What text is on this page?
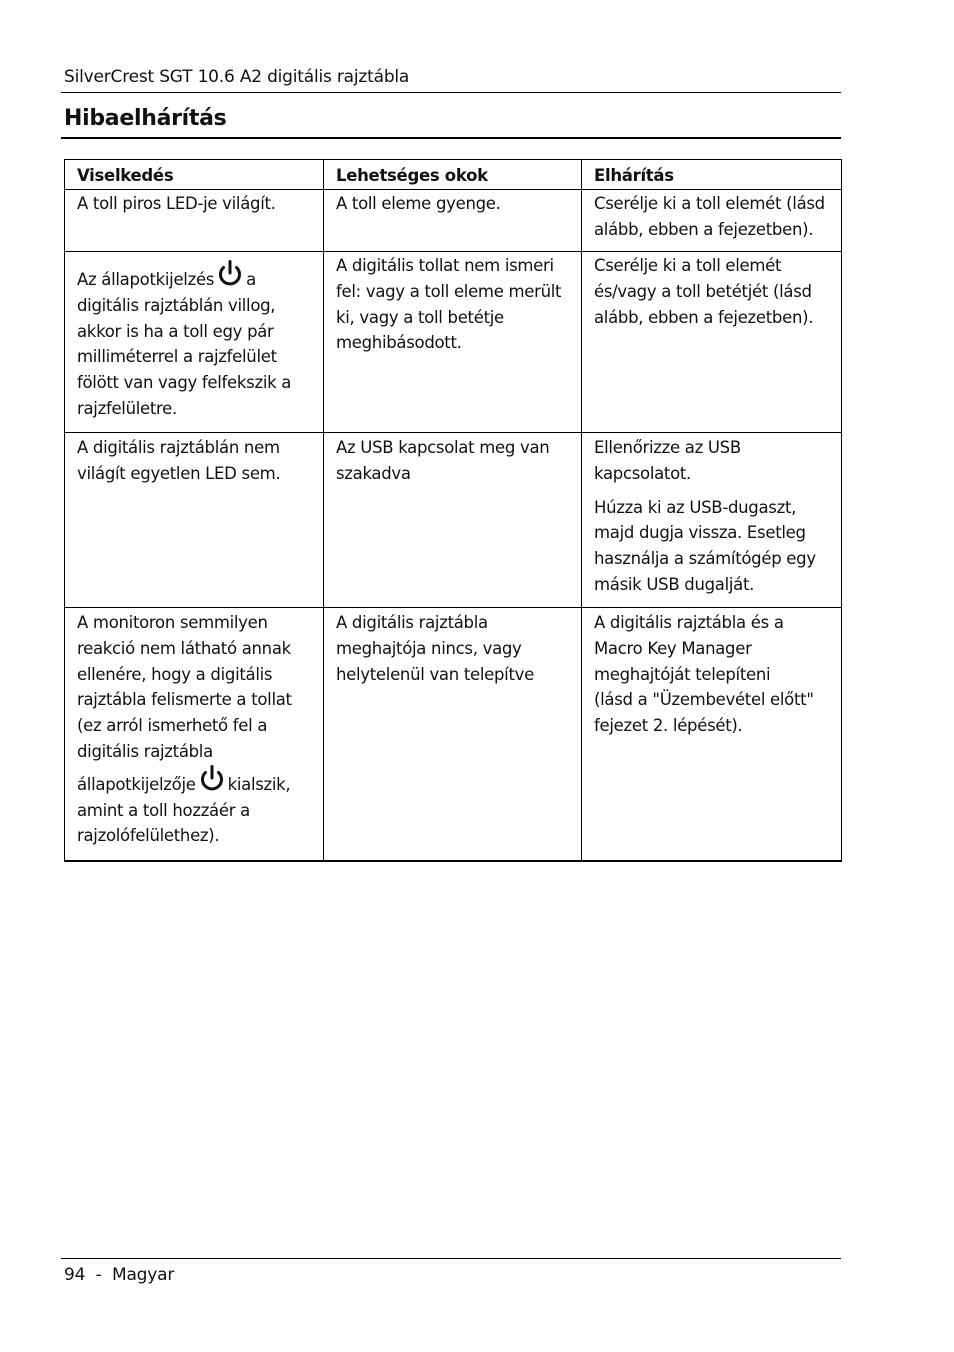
SilverCrest SGT 10.6 A2 digitális rajztábla
Hibaelhárítás
Viselkedés	Lehetséges okok	Elhárítás
A toll piros LED-je világít.	A toll eleme gyenge.	Cserélje ki a toll elemét (lásd alább, ebben a fejezetben).
Az állapotkijelzés a digitális rajztáblán villog, akkor is ha a toll egy pár milliméterrel a rajzfelület fölött van vagy felfekszik a rajzfelületre.	A digitális tollat nem ismeri fel: vagy a toll eleme merült ki, vagy a toll betétje meghibásodott.	Cserélje ki a toll elemét és/vagy a toll betétjét (lásd alább, ebben a fejezetben).
A digitális rajztáblán nem világít egyetlen LED sem.	Az USB kapcsolat meg van szakadva	Ellenőrizze az USB kapcsolatot.
Húzza ki az USB-dugaszt, majd dugja vissza. Esetleg használja a számítógép egy másik USB dugalját.

A monitoron semmilyen reakció nem látható annak ellenére, hogy a digitális rajztábla felismerte a tollat (ez arról ismerhető fel a digitális rajztábla állapotkijelzője kialszik, amint a toll hozzáér a rajzolófelülethez).	A digitális rajztábla meghajtója nincs, vagy helytelenül van telepítve	A digitális rajztábla és a Macro Key Manager meghajtóját telepíteni
(lásd a "Üzembevétel előtt" fejezet 2. lépését).
94  -  Magyar
